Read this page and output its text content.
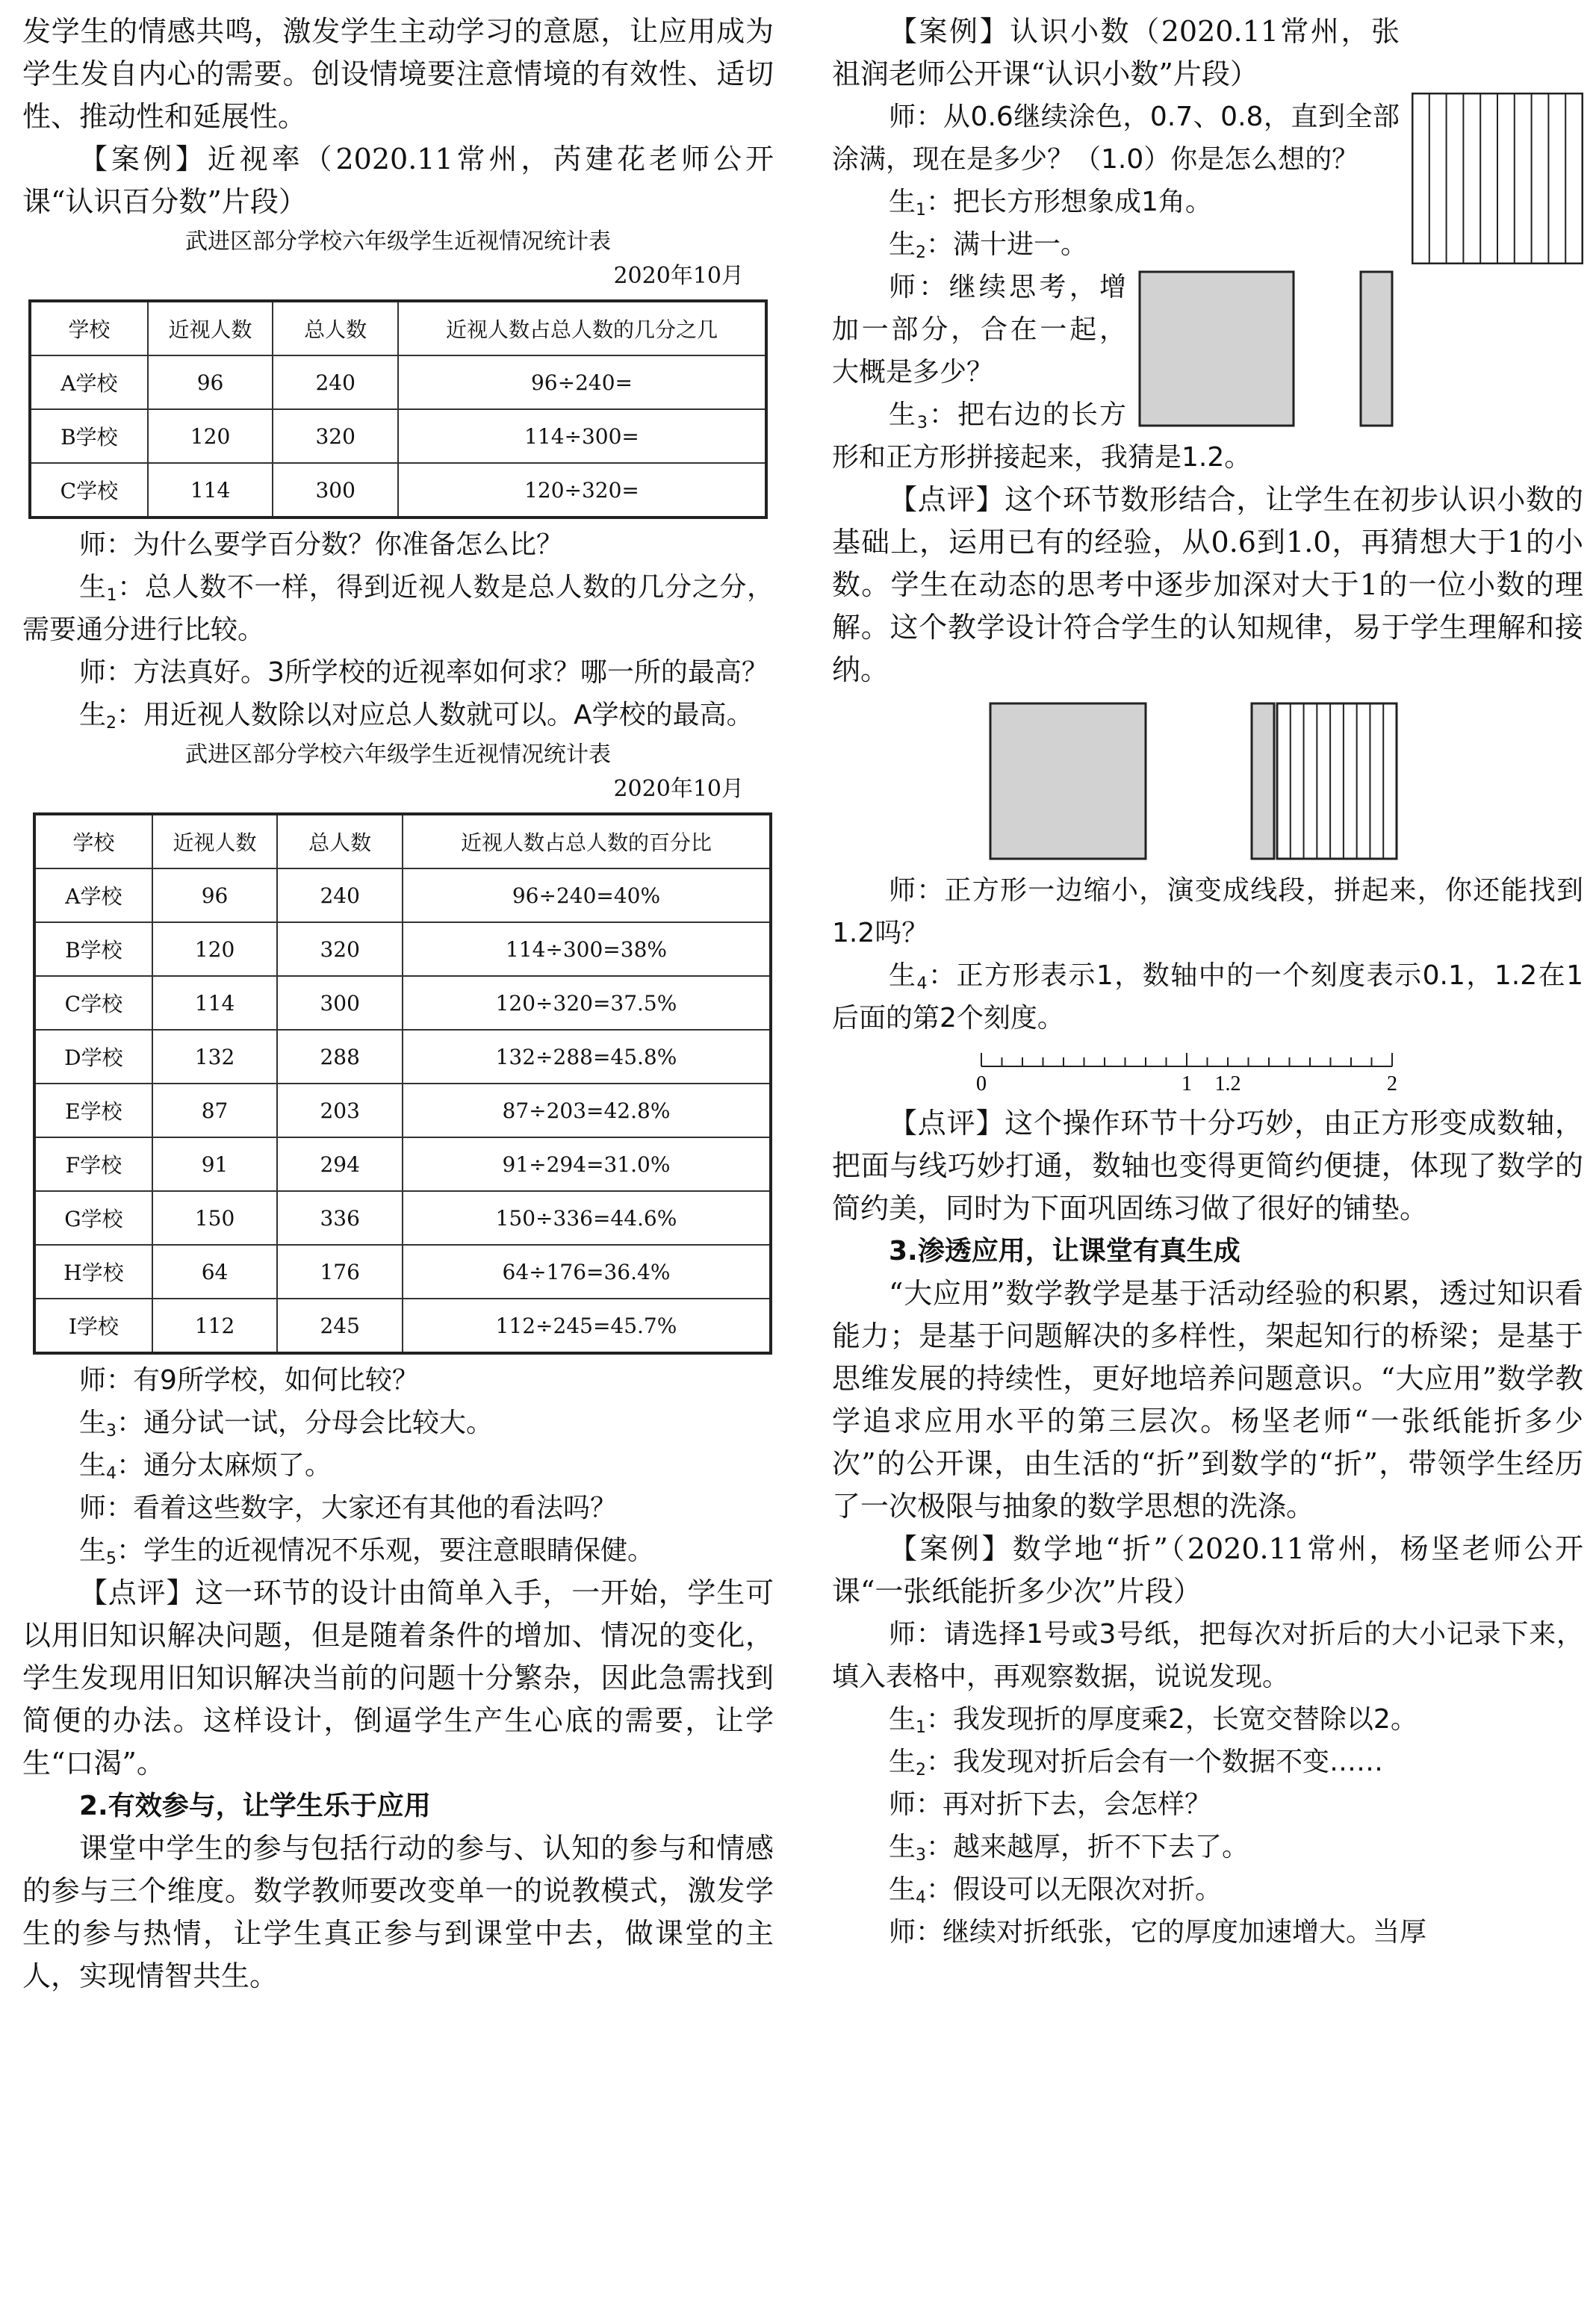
发学生的情感共鸣，激发学生主动学习的意愿，让应用成为学生发自内心的需要。创设情境要注意情境的有效性、适切性、推动性和延展性。

【案例】近视率（2020.11常州，芮建花老师公开课“认识百分数”片段）

武进区部分学校六年级学生近视情况统计表
2020年10月
学校	近视人数	总人数	近视人数占总人数的几分之几
A学校	96	240	96÷240=
B学校	120	320	114÷300=
C学校	114	300	120÷320=

师：为什么要学百分数？你准备怎么比？

生$_1$：总人数不一样，得到近视人数是总人数的几分之分，需要通分进行比较。

师：方法真好。3所学校的近视率如何求？哪一所的最高？

生$_2$：用近视人数除以对应总人数就可以。A学校的最高。

武进区部分学校六年级学生近视情况统计表
2020年10月
学校	近视人数	总人数	近视人数占总人数的百分比
A学校	96	240	96÷240=40%
B学校	120	320	114÷300=38%
C学校	114	300	120÷320=37.5%
D学校	132	288	132÷288=45.8%
E学校	87	203	87÷203=42.8%
F学校	91	294	91÷294=31.0%
G学校	150	336	150÷336=44.6%
H学校	64	176	64÷176=36.4%
I学校	112	245	112÷245=45.7%

师：有9所学校，如何比较？

生$_3$：通分试一试，分母会比较大。

生$_4$：通分太麻烦了。

师：看着这些数字，大家还有其他的看法吗？

生$_5$：学生的近视情况不乐观，要注意眼睛保健。

【点评】这一环节的设计由简单入手，一开始，学生可以用旧知识解决问题，但是随着条件的增加、情况的变化，学生发现用旧知识解决当前的问题十分繁杂，因此急需找到简便的办法。这样设计，倒逼学生产生心底的需要，让学生“口渴”。

2.有效参与，让学生乐于应用

课堂中学生的参与包括行动的参与、认知的参与和情感的参与三个维度。数学教师要改变单一的说教模式，激发学生的参与热情，让学生真正参与到课堂中去，做课堂的主人，实现情智共生。

【案例】认识小数（2020.11常州，张祖润老师公开课“认识小数”片段）

师：从0.6继续涂色，0.7、0.8，直到全部涂满，现在是多少？（1.0）你是怎么想的？

生$_1$：把长方形想象成1角。

生$_2$：满十进一。

师：继续思考，增加一部分，合在一起，大概是多少？

生$_3$：把右边的长方形和正方形拼接起来，我猜是1.2。

【点评】这个环节数形结合，让学生在初步认识小数的基础上，运用已有的经验，从0.6到1.0，再猜想大于1的小数。学生在动态的思考中逐步加深对大于1的一位小数的理解。这个教学设计符合学生的认知规律，易于学生理解和接纳。

师：正方形一边缩小，演变成线段，拼起来，你还能找到1.2吗？

生$_4$：正方形表示1，数轴中的一个刻度表示0.1，1.2在1后面的第2个刻度。

0	1 1.2	2

【点评】这个操作环节十分巧妙，由正方形变成数轴，把面与线巧妙打通，数轴也变得更简约便捷，体现了数学的简约美，同时为下面巩固练习做了很好的铺垫。

3.渗透应用，让课堂有真生成

“大应用”数学教学是基于活动经验的积累，透过知识看能力；是基于问题解决的多样性，架起知行的桥梁；是基于思维发展的持续性，更好地培养问题意识。“大应用”数学教学追求应用水平的第三层次。杨坚老师“一张纸能折多少次”的公开课，由生活的“折”到数学的“折”，带领学生经历了一次极限与抽象的数学思想的洗涤。

【案例】数学地“折”（2020.11常州，杨坚老师公开课“一张纸能折多少次”片段）

师：请选择1号或3号纸，把每次对折后的大小记录下来，填入表格中，再观察数据，说说发现。

生$_1$：我发现折的厚度乘2，长宽交替除以2。

生$_2$：我发现对折后会有一个数据不变……

师：再对折下去，会怎样？

生$_3$：越来越厚，折不下去了。

生$_4$：假设可以无限次对折。

师：继续对折纸张，它的厚度加速增大。当厚
